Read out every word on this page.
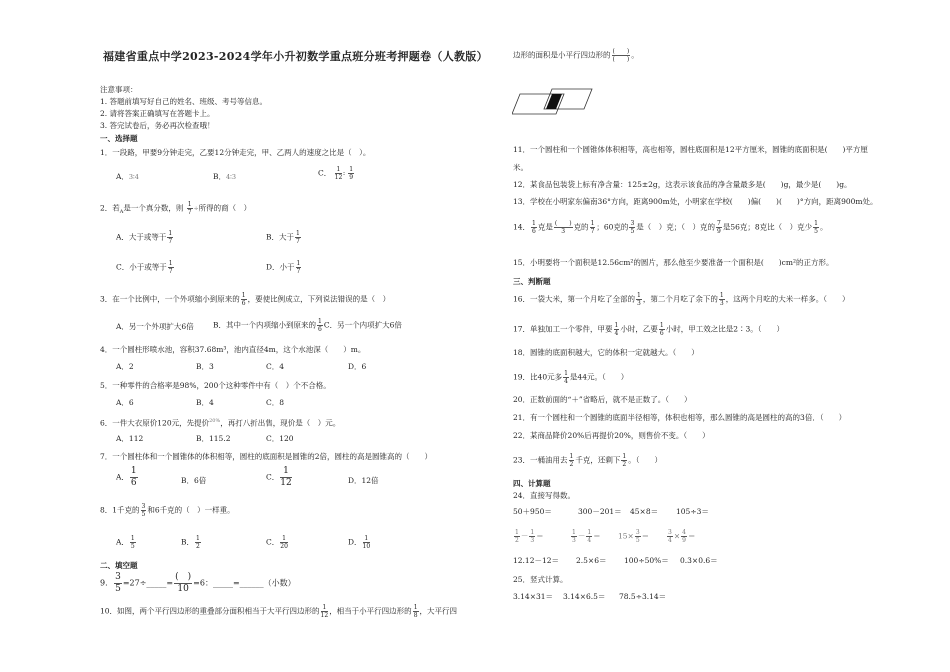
福建省重点中学2023-2024学年小升初数学重点班分班考押题卷（人教版）
注意事项：
1. 答题前填写好自己的姓名、班级、考号等信息。
2. 请将答案正确填写在答题卡上。
3. 答完试卷后，务必再次检查哦！
一、选择题
1．一段路，甲要9分钟走完，乙要12分钟走完，甲、乙两人的速度之比是（　）。
A．3∶4	B．4∶3	C． $\frac{1}{12}$ ∶ $\frac{1}{9}$
2．若$_A$是一个真分数，则 $\frac{1}{7}$ ÷所得的商（　）
A．大于或等于 $\frac{1}{7}$	B．大于 $\frac{1}{7}$
C．小于或等于 $\frac{1}{7}$	D．小于 $\frac{1}{7}$
3．在一个比例中，一个外项缩小到原来的 $\frac{1}{6}$ ，要使比例成立，下列说法错误的是（　）
A．另一个外项扩大6倍	B．其中一个内项缩小到原来的 $\frac{1}{6}$ C．另一个内项扩大6倍
4．一个圆柱形喷水池，容积37.68m³，池内直径4m，这个水池深（　　）m。
A．2	B．3	C．4	D．6
5．一种零件的合格率是98%，200个这种零件中有（　）个不合格。
A．6	B．4	C．8
6．一件大衣原价120元，先提价$^{20\%}$，再打八折出售，现价是（　）元。
A．112	B．115.2	C．120
7．一个圆柱体和一个圆锥体的体积相等，圆柱的底面积是圆锥的2倍，圆柱的高是圆锥高的（　　）
A． $\frac{1}{6}$	B．6倍	C． $\frac{1}{12}$	D．12倍
8．1千克的 $\frac{3}{5}$ 和6千克的（　）一样重。
A． $\frac{1}{5}$	B． $\frac{1}{2}$	C． $\frac{1}{20}$	D． $\frac{1}{10}$
二、填空题
9． $\frac{3}{5}$ =27÷_____= $\frac{( )}{10} =6$：_____=______（小数）
10．如图，两个平行四边形的重叠部分面积相当于大平行四边形的 $\frac{1}{12}$ ，相当于小平行四边形的 $\frac{1}{8}$ ，大平行四
边形的面积是小平行四边形的 $\frac{( )}{( )}$ 。
11．一个圆柱和一个圆锥体体积相等，高也相等，圆柱底面积是12平方厘米，圆锥的底面积是(　　)平方厘
米。
12．某食品包装袋上标有净含量：125±2g，这表示该食品的净含量最多是(　　)g，最少是(　　)g。
13．学校在小明家东偏南36°方向，距离900m处，小明家在学校(　　)偏(　　)(　　)°方向，距离900m处。
14． $\frac{1}{6}$ 克是 $\frac{( )}{3}$ 克的 $\frac{1}{7}$ ；60克的 $\frac{3}{5}$ 是（　）克；（　）克的 $\frac{7}{9}$ 是56克；8克比（　）克少 $\frac{1}{5}$ 。
15．小明要将一个面积是12.56cm²的圆片，那么他至少要准备一个面积是(　　)cm²的正方形。
三、判断题
16．一袋大米，第一个月吃了全部的 $\frac{1}{3}$ ，第二个月吃了余下的 $\frac{1}{3}$ ，这两个月吃的大米一样多。（　　）
17．单独加工一个零件，甲要 $\frac{1}{4}$ 小时，乙要 $\frac{1}{6}$ 小时，甲工效之比是2∶3。（　　）
18．圆锥的底面积越大，它的体积一定就越大。（　　）
19．比40元多 $\frac{1}{4}$ 是44元。（　　）
20．正数前面的“＋”省略后，就不是正数了。（　　）
21．有一个圆柱和一个圆锥的底面半径相等，体积也相等，那么圆锥的高是圆柱的高的3倍．（　　）
22．某商品降价20%后再提价20%，则售价不变。（　　）
23．一桶油用去 $\frac{1}{2}$ 千克，还剩下 $\frac{1}{2}$ 。（　　）
四、计算题
24．直接写得数。
50＋950＝	300－201＝ 45×8＝ 105÷3＝
$\frac{1}{2} - \frac{1}{3}$ ＝	$\frac{1}{3} - \frac{1}{4} = 15\times \frac{3}{5}$ ＝	$\frac{3}{4} \times \frac{4}{9}$ ＝
12.12－12＝ 2.5×6＝ 100÷50%＝ 0.3×0.6＝
25．竖式计算。
3.14×31＝ 3.14×6.5＝ 78.5÷3.14＝
